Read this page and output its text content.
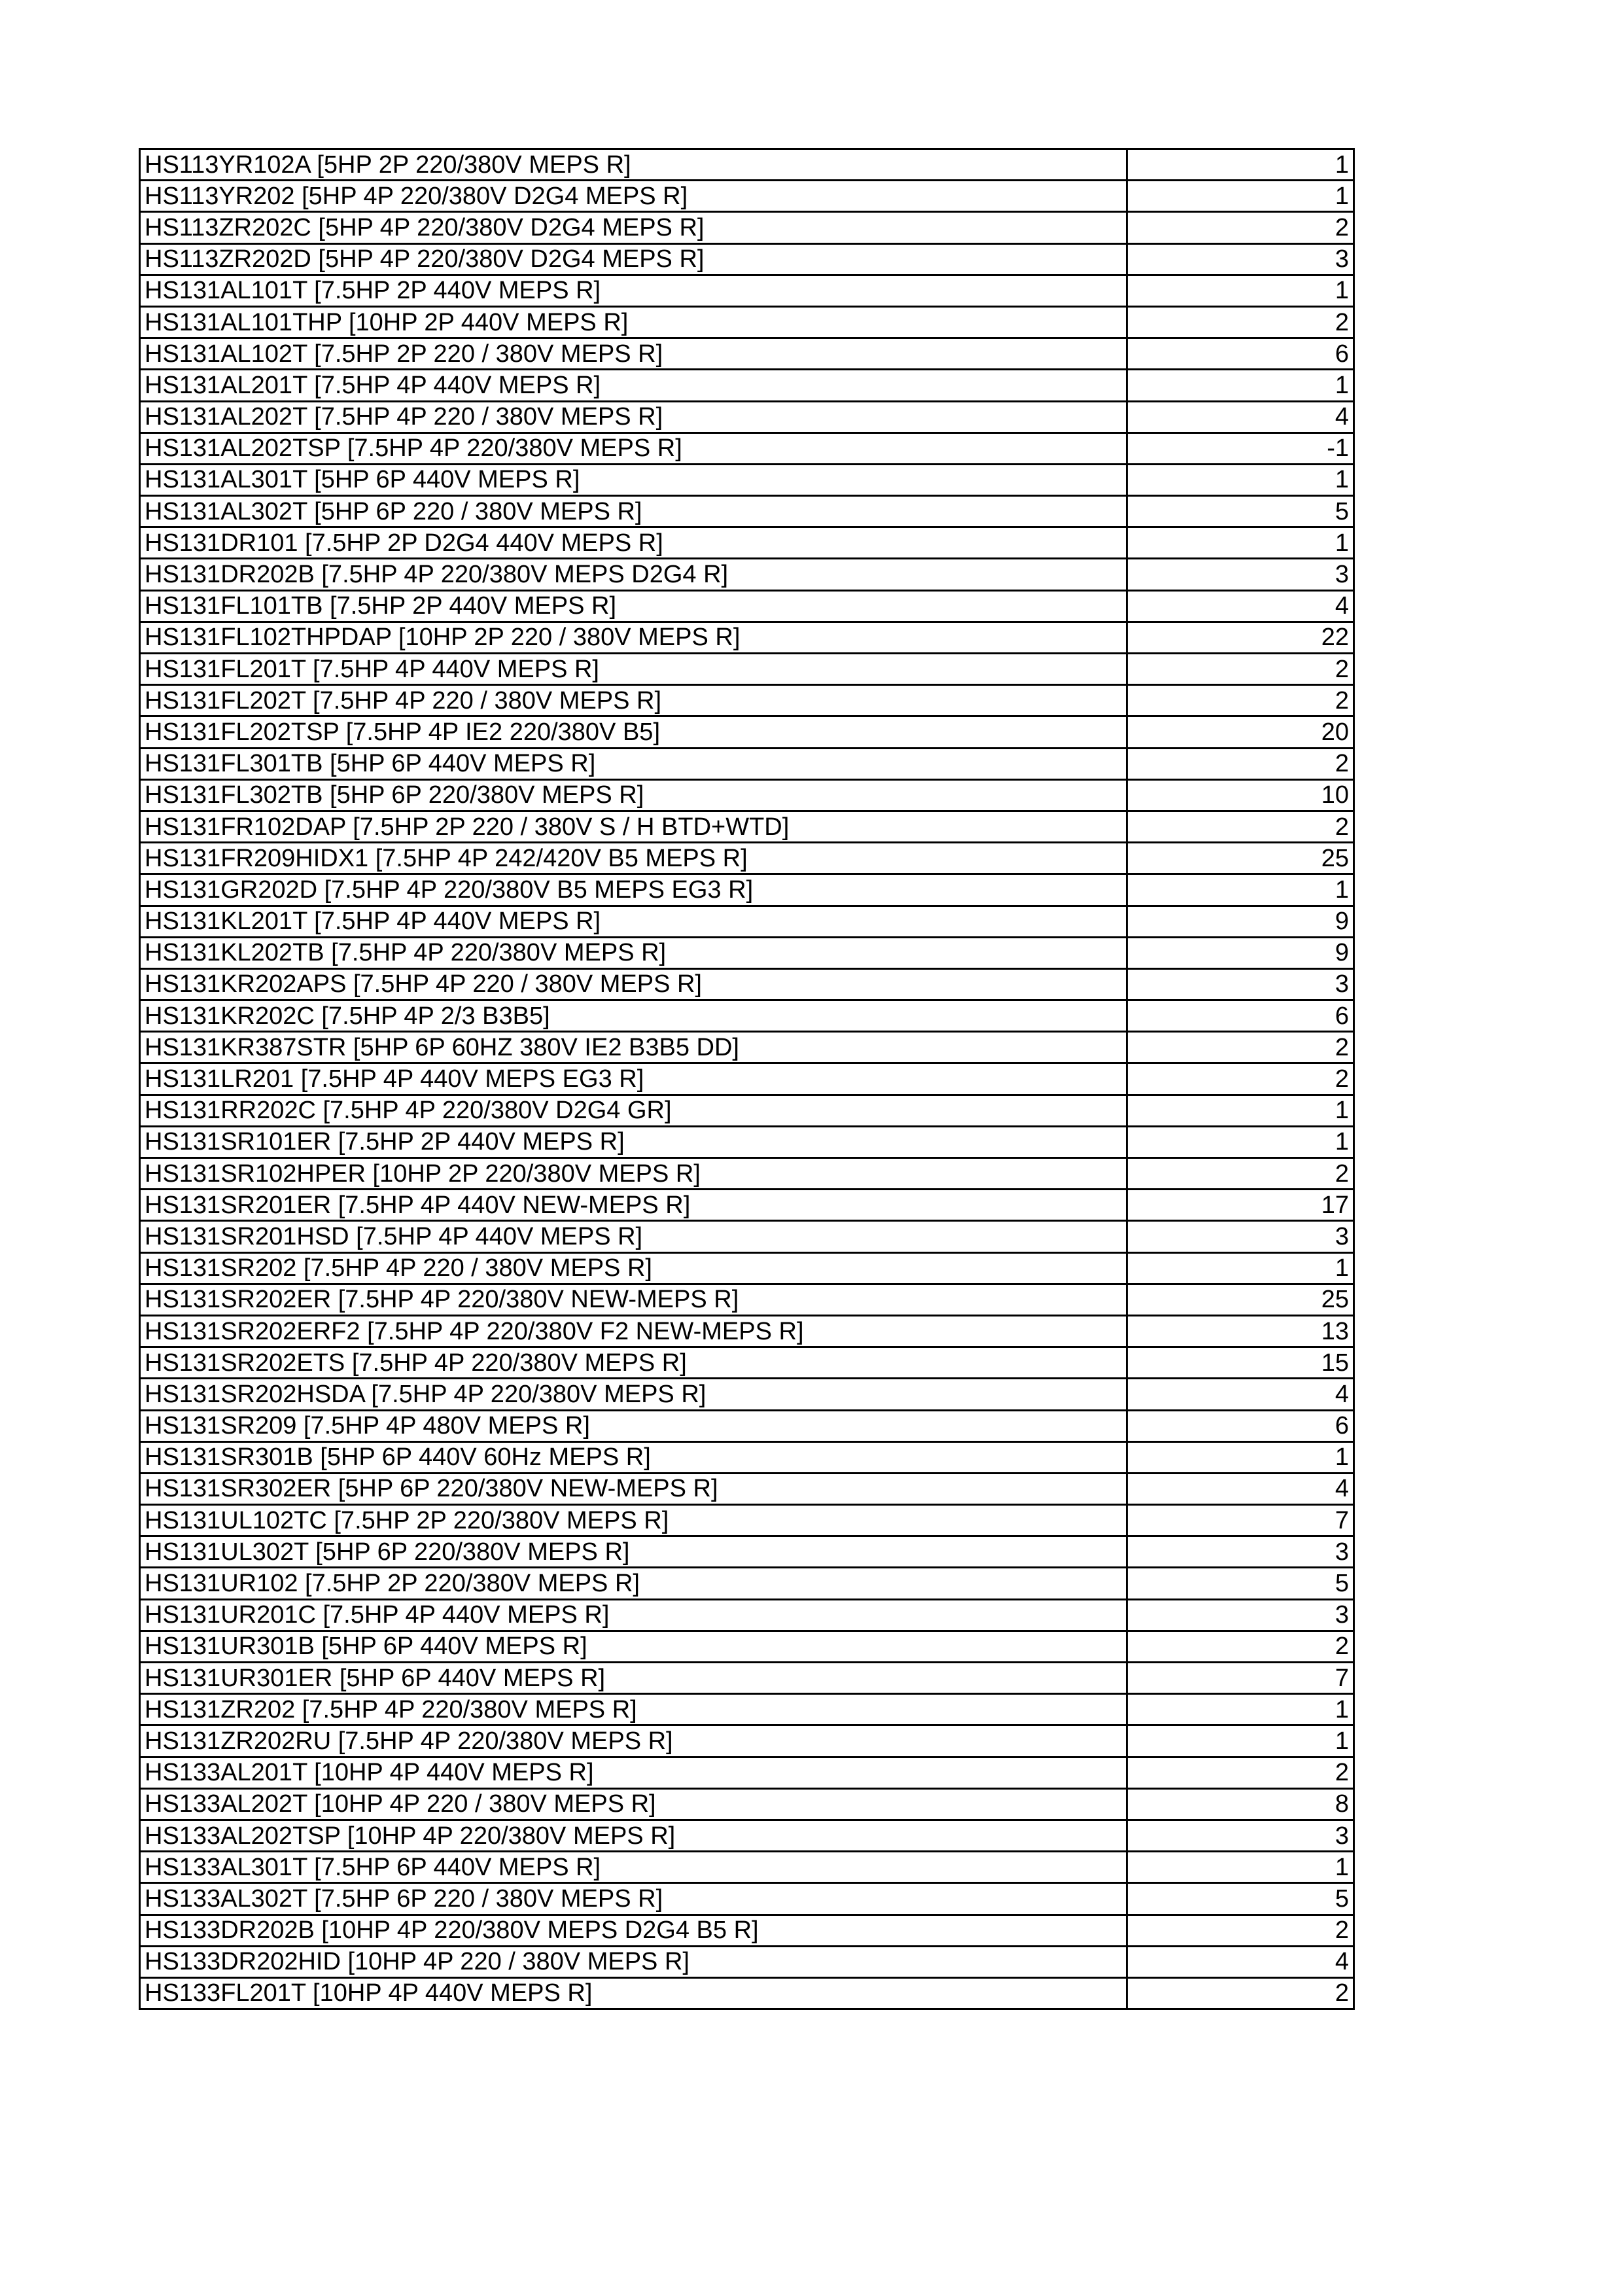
HS113YR102A [5HP 2P 220/380V MEPS R]	1
HS113YR202 [5HP 4P 220/380V D2G4 MEPS R]	1
HS113ZR202C [5HP 4P 220/380V D2G4 MEPS R]	2
HS113ZR202D [5HP 4P 220/380V D2G4 MEPS R]	3
HS131AL101T [7.5HP 2P 440V MEPS R]	1
HS131AL101THP [10HP 2P 440V MEPS R]	2
HS131AL102T [7.5HP 2P 220 / 380V MEPS R]	6
HS131AL201T [7.5HP 4P 440V MEPS R]	1
HS131AL202T [7.5HP 4P 220 / 380V MEPS R]	4
HS131AL202TSP [7.5HP 4P 220/380V MEPS R]	-1
HS131AL301T [5HP 6P 440V MEPS R]	1
HS131AL302T [5HP 6P 220 / 380V MEPS R]	5
HS131DR101 [7.5HP 2P D2G4 440V MEPS R]	1
HS131DR202B [7.5HP 4P 220/380V MEPS D2G4 R]	3
HS131FL101TB [7.5HP 2P 440V MEPS R]	4
HS131FL102THPDAP [10HP 2P 220 / 380V MEPS R]	22
HS131FL201T [7.5HP 4P 440V MEPS R]	2
HS131FL202T [7.5HP 4P 220 / 380V MEPS R]	2
HS131FL202TSP [7.5HP 4P IE2 220/380V B5]	20
HS131FL301TB [5HP 6P 440V MEPS R]	2
HS131FL302TB [5HP 6P 220/380V MEPS R]	10
HS131FR102DAP [7.5HP 2P 220 / 380V S / H BTD+WTD]	2
HS131FR209HIDX1 [7.5HP 4P 242/420V B5 MEPS R]	25
HS131GR202D [7.5HP 4P 220/380V B5 MEPS EG3 R]	1
HS131KL201T [7.5HP 4P 440V MEPS R]	9
HS131KL202TB [7.5HP 4P 220/380V MEPS R]	9
HS131KR202APS [7.5HP 4P 220 / 380V MEPS R]	3
HS131KR202C [7.5HP 4P 2/3 B3B5]	6
HS131KR387STR [5HP 6P 60HZ 380V IE2 B3B5 DD]	2
HS131LR201 [7.5HP 4P 440V MEPS EG3 R]	2
HS131RR202C [7.5HP 4P 220/380V D2G4 GR]	1
HS131SR101ER [7.5HP 2P 440V MEPS R]	1
HS131SR102HPER [10HP 2P 220/380V MEPS R]	2
HS131SR201ER [7.5HP 4P 440V NEW-MEPS R]	17
HS131SR201HSD [7.5HP 4P 440V MEPS R]	3
HS131SR202 [7.5HP 4P 220 / 380V MEPS R]	1
HS131SR202ER [7.5HP 4P 220/380V NEW-MEPS R]	25
HS131SR202ERF2 [7.5HP 4P 220/380V F2 NEW-MEPS R]	13
HS131SR202ETS [7.5HP 4P 220/380V MEPS R]	15
HS131SR202HSDA [7.5HP 4P 220/380V MEPS R]	4
HS131SR209 [7.5HP 4P 480V MEPS R]	6
HS131SR301B [5HP 6P 440V 60Hz MEPS R]	1
HS131SR302ER [5HP 6P 220/380V NEW-MEPS R]	4
HS131UL102TC [7.5HP 2P 220/380V MEPS R]	7
HS131UL302T [5HP 6P 220/380V MEPS R]	3
HS131UR102 [7.5HP 2P 220/380V MEPS R]	5
HS131UR201C [7.5HP 4P 440V MEPS R]	3
HS131UR301B [5HP 6P 440V MEPS R]	2
HS131UR301ER [5HP 6P 440V MEPS R]	7
HS131ZR202 [7.5HP 4P 220/380V MEPS R]	1
HS131ZR202RU [7.5HP 4P 220/380V MEPS R]	1
HS133AL201T [10HP 4P 440V MEPS R]	2
HS133AL202T [10HP 4P 220 / 380V MEPS R]	8
HS133AL202TSP [10HP 4P 220/380V MEPS R]	3
HS133AL301T [7.5HP 6P 440V MEPS R]	1
HS133AL302T [7.5HP 6P 220 / 380V MEPS R]	5
HS133DR202B [10HP 4P 220/380V MEPS D2G4 B5 R]	2
HS133DR202HID [10HP 4P 220 / 380V MEPS R]	4
HS133FL201T [10HP 4P 440V MEPS R]	2
